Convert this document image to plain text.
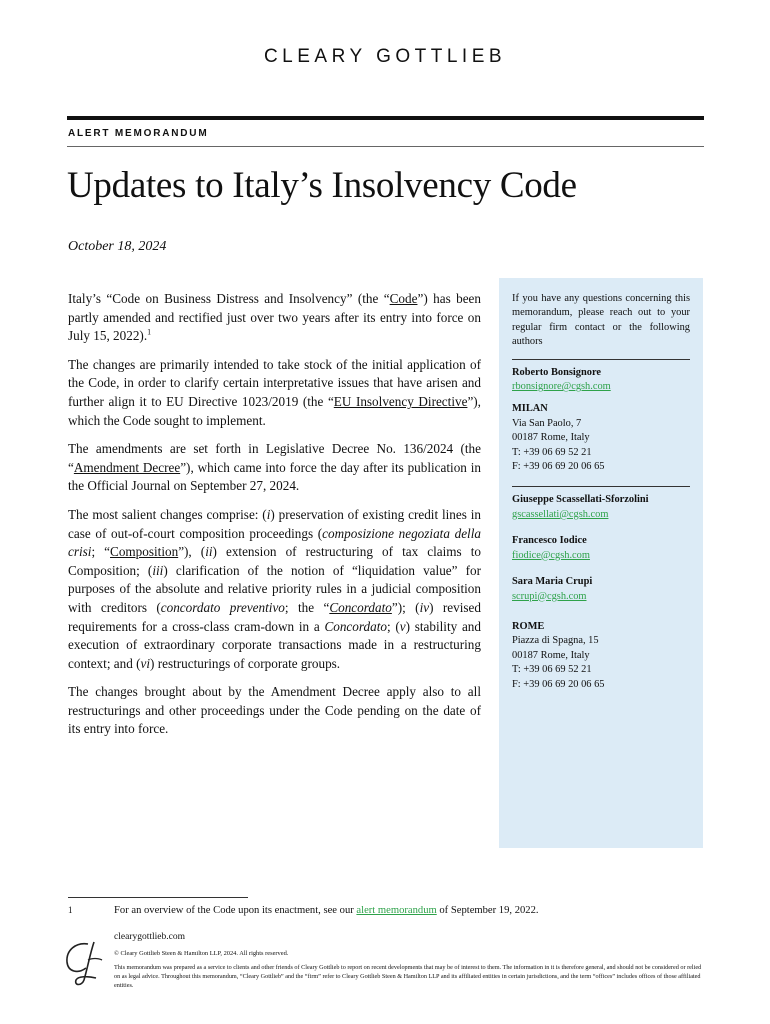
CLEARY GOTTLIEB
ALERT MEMORANDUM
Updates to Italy’s Insolvency Code
October 18, 2024

Italy’s “Code on Business Distress and Insolvency” (the “Code”) has been partly amended and rectified just over two years after its entry into force on July 15, 2022).$^1$

The changes are primarily intended to take stock of the initial application of the Code, in order to clarify certain interpretative issues that have arisen and further align it to EU Directive 1023/2019 (the “EU Insolvency Directive”), which the Code sought to implement.

The amendments are set forth in Legislative Decree No. 136/2024 (the “Amendment Decree”), which came into force the day after its publication in the Official Journal on September 27, 2024.

The most salient changes comprise: (i) preservation of existing credit lines in case of out-of-court composition proceedings (composizione negoziata della crisi; “Composition”), (ii) extension of restructuring of tax claims to Composition; (iii) clarification of the notion of “liquidation value” for purposes of the absolute and relative priority rules in a judicial composition with creditors (concordato preventivo; the “Concordato”); (iv) revised requirements for a cross-class cram-down in a Concordato; (v) stability and execution of extraordinary corporate transactions made in a restructuring context; and (vi) restructurings of corporate groups.

The changes brought about by the Amendment Decree apply also to all restructurings and other proceedings under the Code pending on the date of its entry into force.

If you have any questions concerning this memorandum, please reach out to your regular firm contact or the following authors

Roberto Bonsignore

rbonsignore@cgsh.com

MILAN

Via San Paolo, 7

00187 Rome, Italy

T: +39 06 69 52 21

F: +39 06 69 20 06 65

Giuseppe Scassellati-Sforzolini

gscassellati@cgsh.com

Francesco Iodice

fiodice@cgsh.com

Sara Maria Crupi

scrupi@cgsh.com

ROME

Piazza di Spagna, 15

00187 Rome, Italy

T: +39 06 69 52 21

F: +39 06 69 20 06 65

1	For an overview of the Code upon its enactment, see our alert memorandum of September 19, 2022.
clearygottlieb.com
© Cleary Gottlieb Steen & Hamilton LLP, 2024. All rights reserved.
This memorandum was prepared as a service to clients and other friends of Cleary Gottlieb to report on recent developments that may be of interest to them. The information in it is therefore general, and should not be considered or relied on as legal advice. Throughout this memorandum, “Cleary Gottlieb” and the “firm” refer to Cleary Gottlieb Steen & Hamilton LLP and its affiliated entities in certain jurisdictions, and the term “offices” includes offices of those affiliated entities.
